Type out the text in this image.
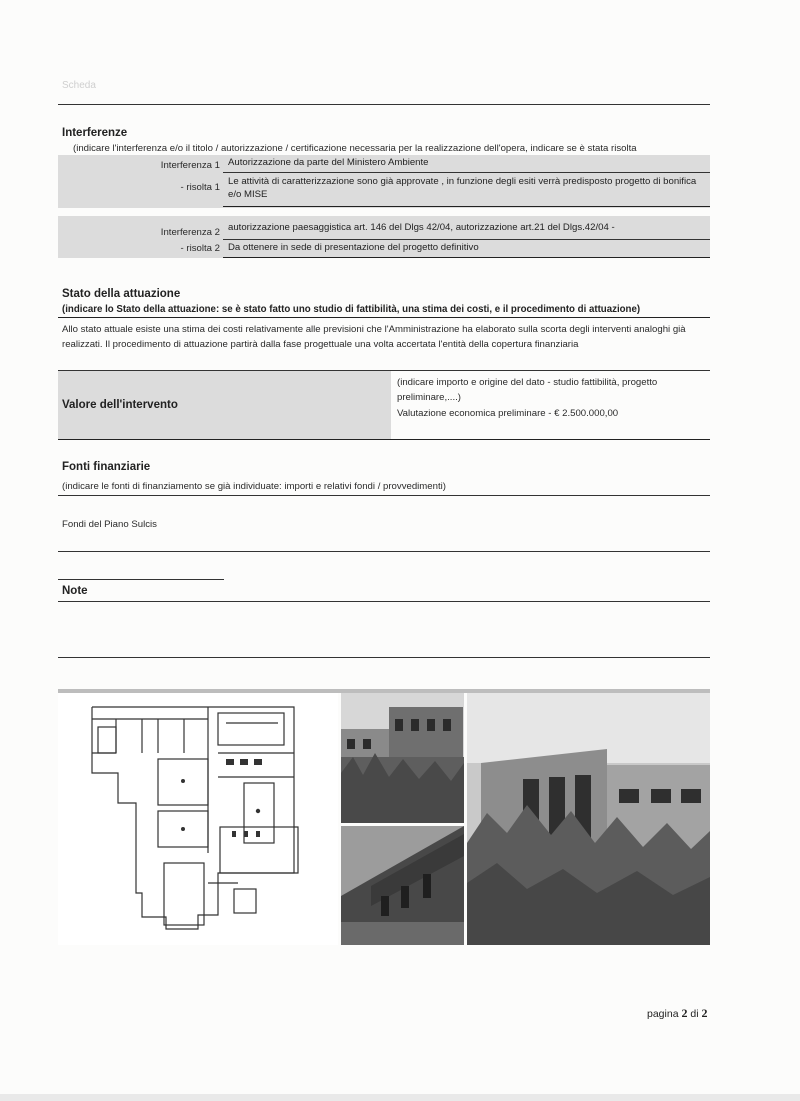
Scheda
Interferenze
(indicare l'interferenza e/o il titolo / autorizzazione / certificazione necessaria per la realizzazione dell'opera, indicare se è stata risolta
Interferenza 1 Autorizzazione da parte del Ministero Ambiente
- risolta 1
Le attività di caratterizzazione sono già approvate , in funzione degli esiti verrà predisposto progetto di bonifica e/o MISE
Interferenza 2 autorizzazione paesaggistica art. 146 del Dlgs 42/04, autorizzazione art.21 del Dlgs.42/04 -
- risolta 2 Da ottenere in sede di presentazione del progetto definitivo
Stato della attuazione
(indicare lo Stato della attuazione: se è stato fatto uno studio di fattibilità, una stima dei costi, e il procedimento di attuazione)
Allo stato attuale esiste una stima dei costi relativamente alle previsioni che l'Amministrazione ha elaborato sulla scorta degli interventi analoghi già realizzati. Il procedimento di attuazione partirà dalla fase progettuale una volta accertata l'entità della copertura finanziaria
Valore dell'intervento
(indicare importo e origine del dato - studio fattibilità, progetto preliminare,....)
Valutazione economica preliminare - € 2.500.000,00
Fonti finanziarie
(indicare le fonti di finanziamento se già individuate: importi e relativi fondi / provvedimenti)
Fondi del Piano Sulcis
Note
pagina 2 di 2
